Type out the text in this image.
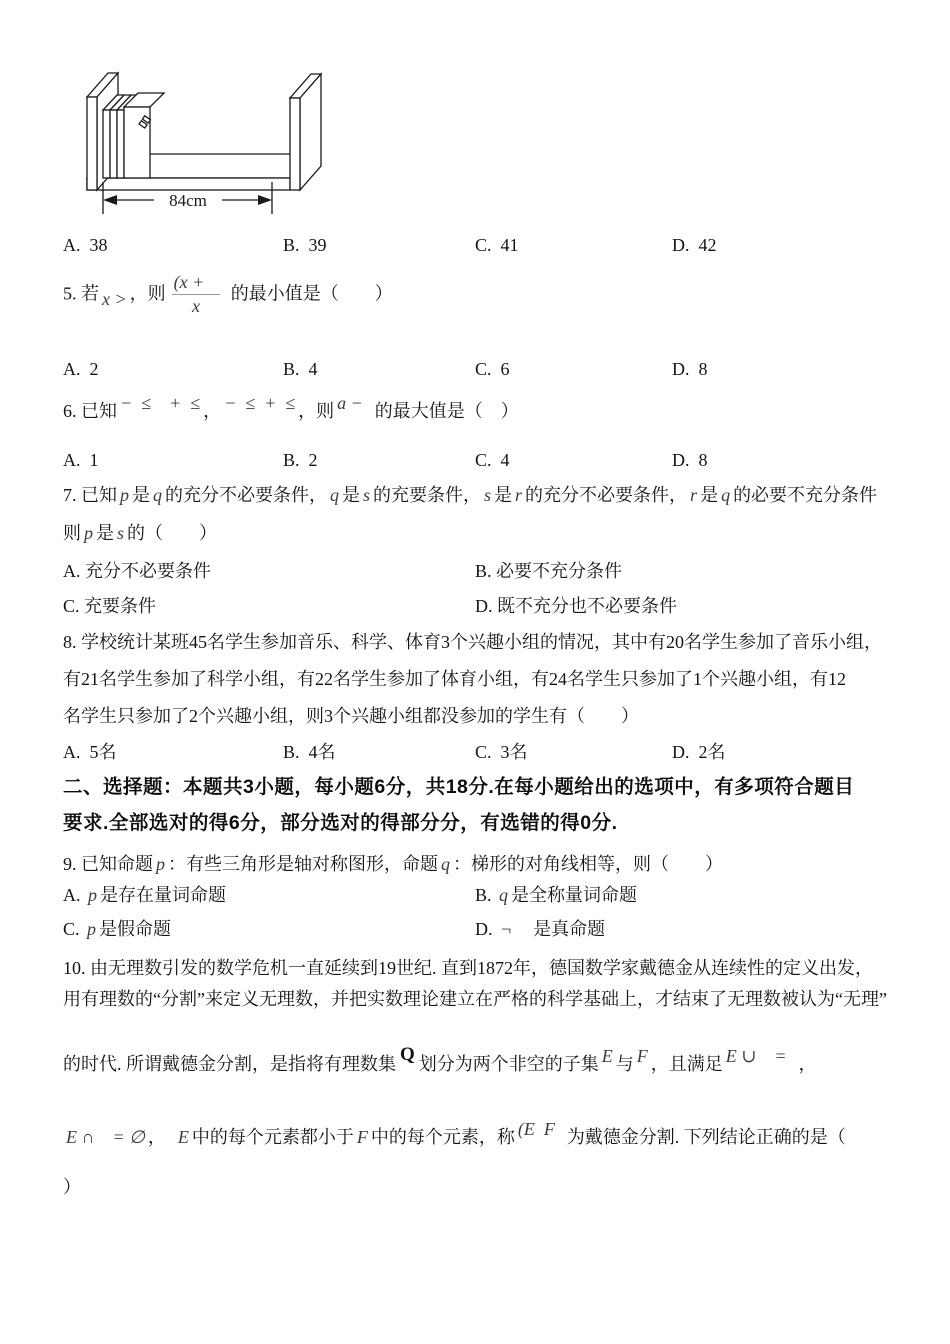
84cm
A.  38	B.  39	C.  41	D.  42
5. 若 x > ，则 $\frac{(x +}{x}$ 的最小值是（　　）
A.  2	B.  4	C.  6	D.  8
6. 已知 − ≤　+ ≤ ， − ≤ + ≤ ，则 a − 的最大值是（　）
A.  1	B.  2	C.  4	D.  8
7. 已知 p 是 q 的充分不必要条件， q 是 s 的充要条件， s 是 r 的充分不必要条件， r 是 q 的必要不充分条件
则 p 是 s 的（　　）
A. 充分不必要条件	B. 必要不充分条件
C. 充要条件	D. 既不充分也不必要条件
8. 学校统计某班45名学生参加音乐、科学、体育3个兴趣小组的情况，其中有20名学生参加了音乐小组，
有21名学生参加了科学小组，有22名学生参加了体育小组，有24名学生只参加了1个兴趣小组，有12
名学生只参加了2个兴趣小组，则3个兴趣小组都没参加的学生有（　　）
A.  5名	B.  4名	C.  3名	D.  2名
二、选择题：本题共3小题，每小题6分，共18分.在每小题给出的选项中，有多项符合题目
要求.全部选对的得6分，部分选对的得部分分，有选错的得0分.
9. 已知命题 p ：有些三角形是轴对称图形，命题 q ：梯形的对角线相等，则（　　）
A. p 是存在量词命题	B. q 是全称量词命题
C. p 是假命题	D. ¬　是真命题
10. 由无理数引发的数学危机一直延续到19世纪. 直到1872年，德国数学家戴德金从连续性的定义出发，
用有理数的“分割”来定义无理数，并把实数理论建立在严格的科学基础上，才结束了无理数被认为“无理”
的时代. 所谓戴德金分割，是指将有理数集 Q 划分为两个非空的子集 E 与 F ，且满足 E ∪ = ，
E ∩ = ∅ ， E 中的每个元素都小于 F 中的每个元素，称 (E F 为戴德金分割. 下列结论正确的是（
）
